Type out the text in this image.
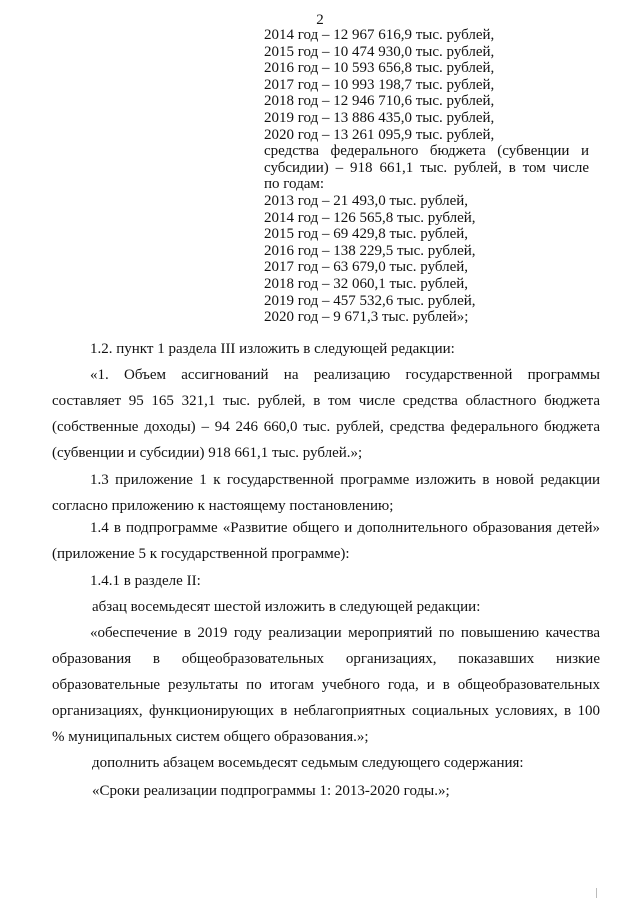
2
2014 год – 12 967 616,9 тыс. рублей,
2015 год – 10 474 930,0 тыс. рублей,
2016 год – 10 593 656,8 тыс. рублей,
2017 год – 10 993 198,7 тыс. рублей,
2018 год – 12 946 710,6 тыс. рублей,
2019 год – 13 886 435,0 тыс. рублей,
2020 год – 13 261 095,9 тыс. рублей,
средства федерального бюджета (субвенции и
субсидии) – 918 661,1 тыс. рублей, в том числе
по годам:
2013 год – 21 493,0 тыс. рублей,
2014 год – 126 565,8 тыс. рублей,
2015 год – 69 429,8 тыс. рублей,
2016 год – 138 229,5 тыс. рублей,
2017 год – 63 679,0 тыс. рублей,
2018 год – 32 060,1 тыс. рублей,
2019 год – 457 532,6 тыс. рублей,
2020 год – 9 671,3 тыс. рублей»;
1.2. пункт 1 раздела III изложить в следующей редакции:
«1. Объем ассигнований на реализацию государственной программы
составляет 95 165 321,1 тыс. рублей, в том числе средства областного бюджета
(собственные доходы) – 94 246 660,0 тыс. рублей, средства федерального бюджета
(субвенции и субсидии) 918 661,1 тыс. рублей.»;
1.3 приложение 1 к государственной программе изложить в новой редакции
согласно приложению к настоящему постановлению;
1.4 в подпрограмме «Развитие общего и дополнительного образования детей»
(приложение 5 к государственной программе):
1.4.1 в разделе II:
абзац восемьдесят шестой изложить в следующей редакции:
«обеспечение в 2019 году реализации мероприятий по повышению качества
образования в общеобразовательных организациях, показавших низкие
образовательные результаты по итогам учебного года, и в общеобразовательных
организациях, функционирующих в неблагоприятных социальных условиях, в 100
% муниципальных систем общего образования.»;
дополнить абзацем восемьдесят седьмым следующего содержания:
«Сроки реализации подпрограммы 1: 2013-2020 годы.»;
